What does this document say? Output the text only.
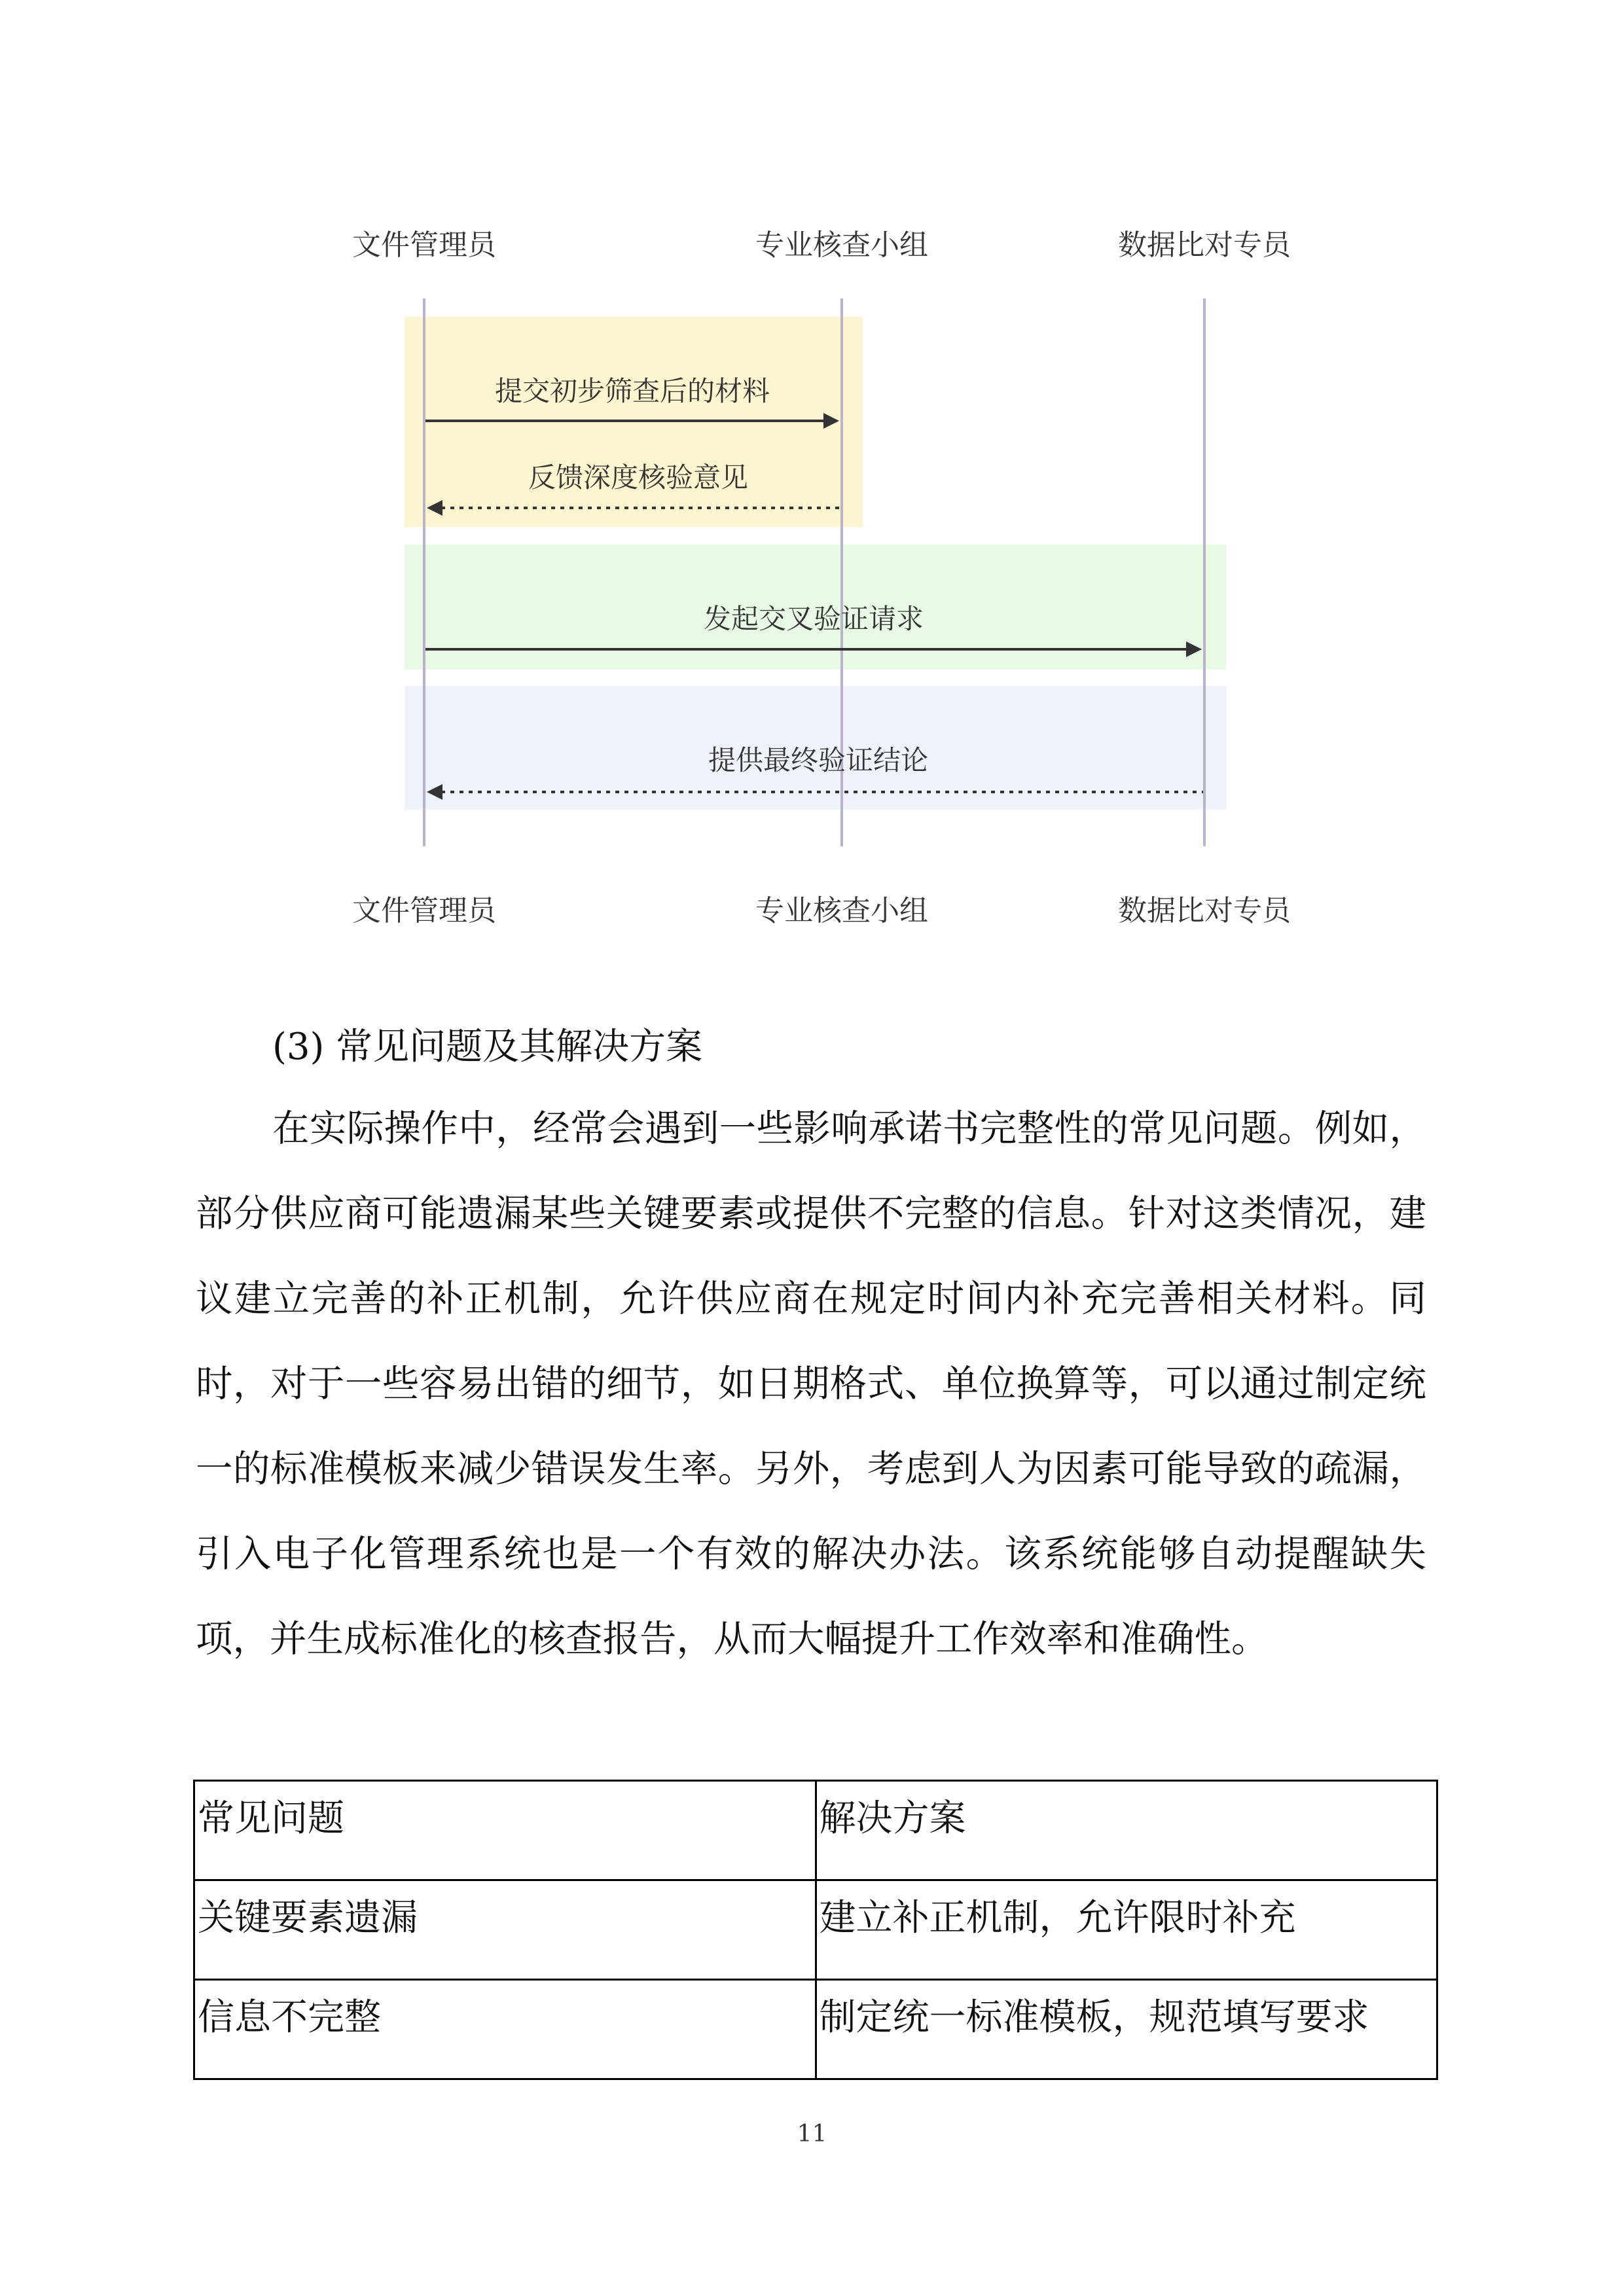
文件管理员	专业核查小组	数据比对专员
文件管理员	专业核查小组	数据比对专员
提交初步筛查后的材料
反馈深度核验意见
发起交叉验证请求
提供最终验证结论
(3) 常见问题及其解决方案
在实际操作中，经常会遇到一些影响承诺书完整性的常见问题。例如，部分供应商可能遗漏某些关键要素或提供不完整的信息。针对这类情况，建议建立完善的补正机制，允许供应商在规定时间内补充完善相关材料。同时，对于一些容易出错的细节，如日期格式、单位换算等，可以通过制定统一的标准模板来减少错误发生率。另外，考虑到人为因素可能导致的疏漏，引入电子化管理系统也是一个有效的解决办法。该系统能够自动提醒缺失项，并生成标准化的核查报告，从而大幅提升工作效率和准确性。
常见问题	解决方案
关键要素遗漏	建立补正机制，允许限时补充
信息不完整	制定统一标准模板，规范填写要求
11
